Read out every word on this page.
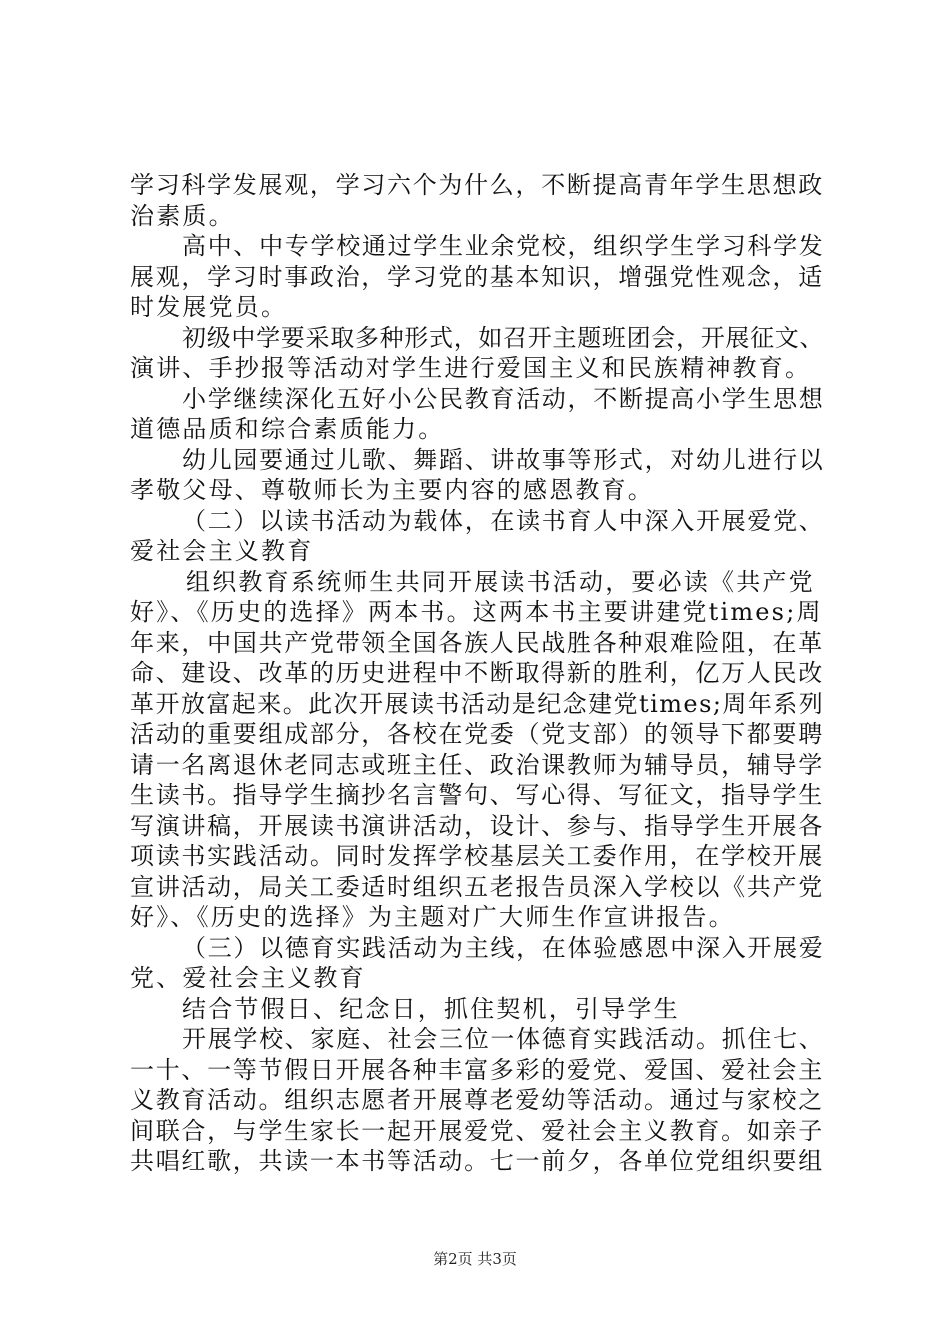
学习科学发展观，学习六个为什么，不断提高青年学生思想政
治素质。
高中、中专学校通过学生业余党校，组织学生学习科学发
展观，学习时事政治，学习党的基本知识，增强党性观念，适
时发展党员。
初级中学要采取多种形式，如召开主题班团会，开展征文、
演讲、手抄报等活动对学生进行爱国主义和民族精神教育。
小学继续深化五好小公民教育活动，不断提高小学生思想
道德品质和综合素质能力。
幼儿园要通过儿歌、舞蹈、讲故事等形式，对幼儿进行以
孝敬父母、尊敬师长为主要内容的感恩教育。
（二）以读书活动为载体，在读书育人中深入开展爱党、
爱社会主义教育
组织教育系统师生共同开展读书活动，要必读《共产党
好》、《历史的选择》两本书。这两本书主要讲建党times;周
年来，中国共产党带领全国各族人民战胜各种艰难险阻，在革
命、建设、改革的历史进程中不断取得新的胜利，亿万人民改
革开放富起来。此次开展读书活动是纪念建党times;周年系列
活动的重要组成部分，各校在党委（党支部）的领导下都要聘
请一名离退休老同志或班主任、政治课教师为辅导员，辅导学
生读书。指导学生摘抄名言警句、写心得、写征文，指导学生
写演讲稿，开展读书演讲活动，设计、参与、指导学生开展各
项读书实践活动。同时发挥学校基层关工委作用，在学校开展
宣讲活动，局关工委适时组织五老报告员深入学校以《共产党
好》、《历史的选择》为主题对广大师生作宣讲报告。
（三）以德育实践活动为主线，在体验感恩中深入开展爱
党、爱社会主义教育
结合节假日、纪念日，抓住契机，引导学生
开展学校、家庭、社会三位一体德育实践活动。抓住七、
一十、一等节假日开展各种丰富多彩的爱党、爱国、爱社会主
义教育活动。组织志愿者开展尊老爱幼等活动。通过与家校之
间联合，与学生家长一起开展爱党、爱社会主义教育。如亲子
共唱红歌，共读一本书等活动。七一前夕，各单位党组织要组
第2页 共3页
